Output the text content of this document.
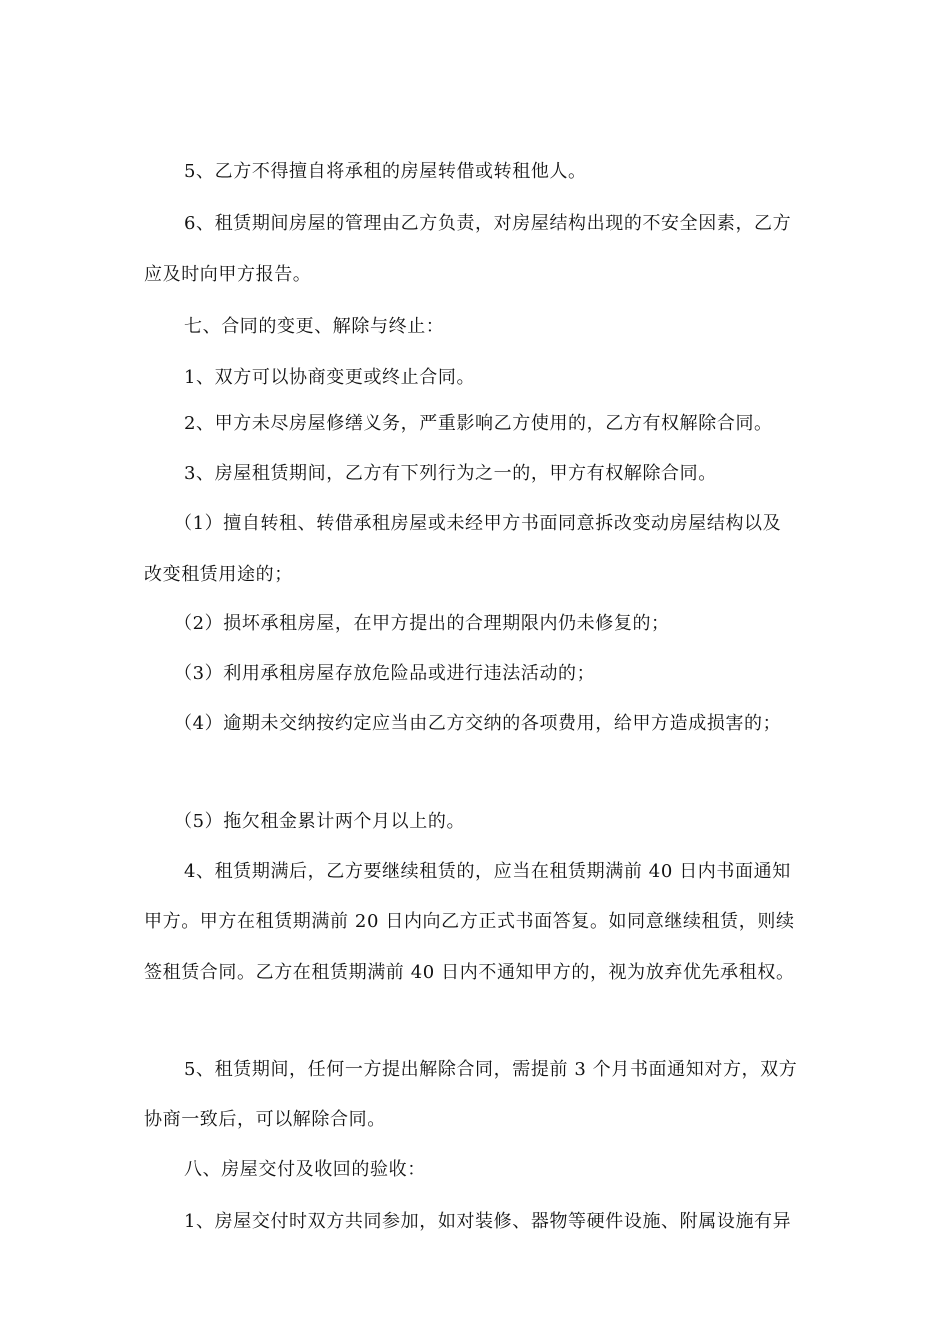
5、乙方不得擅自将承租的房屋转借或转租他人。
6、租赁期间房屋的管理由乙方负责，对房屋结构出现的不安全因素，乙方
应及时向甲方报告。
七、合同的变更、解除与终止：
1、双方可以协商变更或终止合同。
2、甲方未尽房屋修缮义务，严重影响乙方使用的，乙方有权解除合同。
3、房屋租赁期间，乙方有下列行为之一的，甲方有权解除合同。
（1）擅自转租、转借承租房屋或未经甲方书面同意拆改变动房屋结构以及
改变租赁用途的；
（2）损坏承租房屋，在甲方提出的合理期限内仍未修复的；
（3）利用承租房屋存放危险品或进行违法活动的；
（4）逾期未交纳按约定应当由乙方交纳的各项费用，给甲方造成损害的；
（5）拖欠租金累计两个月以上的。
4、租赁期满后，乙方要继续租赁的，应当在租赁期满前 40 日内书面通知
甲方。甲方在租赁期满前 20 日内向乙方正式书面答复。如同意继续租赁，则续
签租赁合同。乙方在租赁期满前 40 日内不通知甲方的，视为放弃优先承租权。
5、租赁期间，任何一方提出解除合同，需提前 3 个月书面通知对方，双方
协商一致后，可以解除合同。
八、房屋交付及收回的验收：
1、房屋交付时双方共同参加，如对装修、器物等硬件设施、附属设施有异
